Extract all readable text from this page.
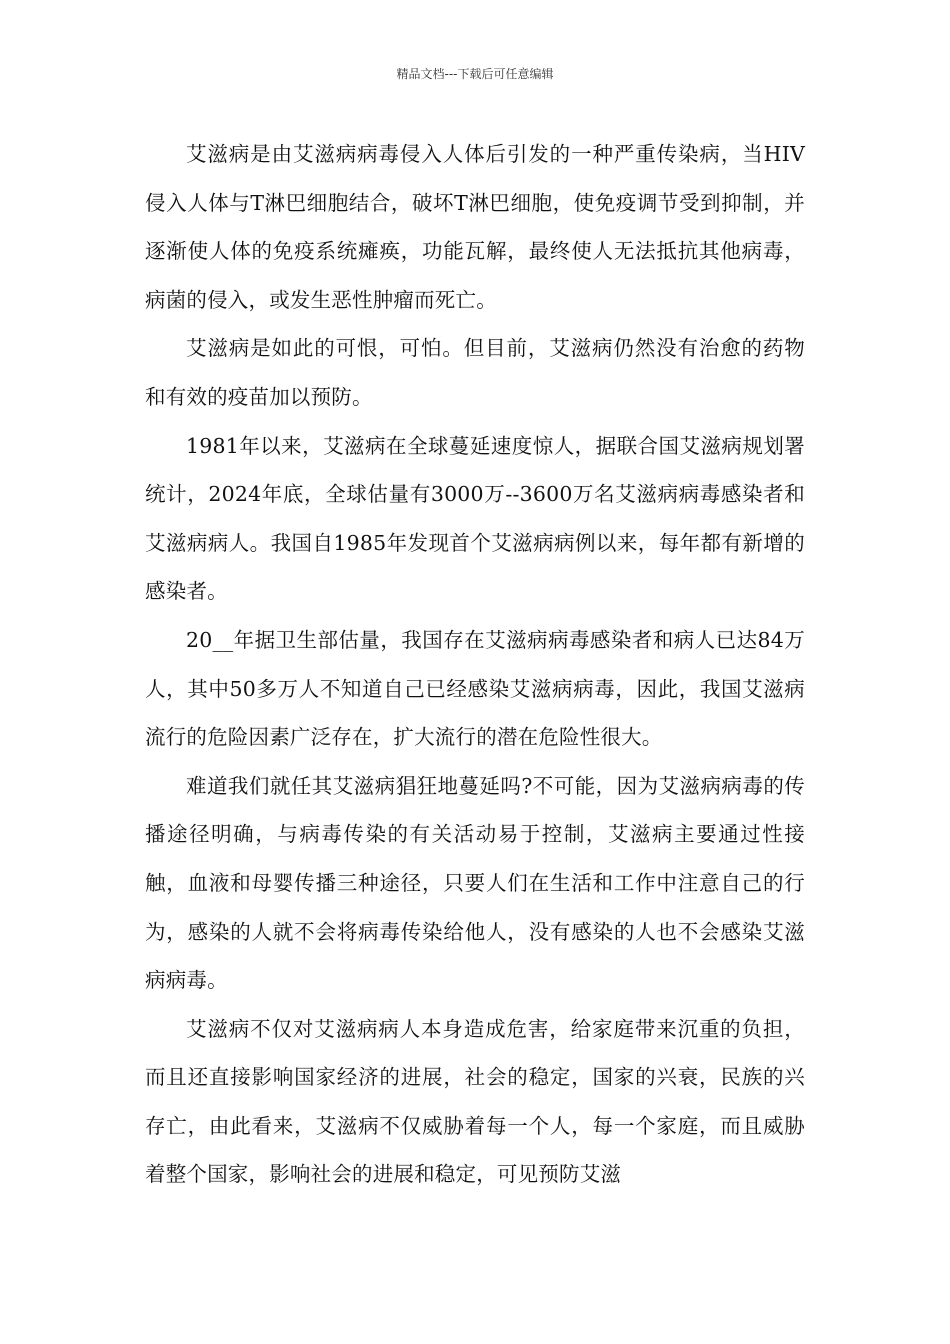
精品文档---下载后可任意编辑

艾滋病是由艾滋病病毒侵入人体后引发的一种严重传染病，当HIV侵入人体与T淋巴细胞结合，破坏T淋巴细胞，使免疫调节受到抑制，并逐渐使人体的免疫系统瘫痪，功能瓦解，最终使人无法抵抗其他病毒，病菌的侵入，或发生恶性肿瘤而死亡。

艾滋病是如此的可恨，可怕。但目前，艾滋病仍然没有治愈的药物和有效的疫苗加以预防。

1981年以来，艾滋病在全球蔓延速度惊人，据联合国艾滋病规划署统计，2024年底，全球估量有3000万--3600万名艾滋病病毒感染者和艾滋病病人。我国自1985年发现首个艾滋病病例以来，每年都有新增的感染者。

20__年据卫生部估量，我国存在艾滋病病毒感染者和病人已达84万人，其中50多万人不知道自己已经感染艾滋病病毒，因此，我国艾滋病流行的危险因素广泛存在，扩大流行的潜在危险性很大。

难道我们就任其艾滋病猖狂地蔓延吗?不可能，因为艾滋病病毒的传播途径明确，与病毒传染的有关活动易于控制，艾滋病主要通过性接触，血液和母婴传播三种途径，只要人们在生活和工作中注意自己的行为，感染的人就不会将病毒传染给他人，没有感染的人也不会感染艾滋病病毒。

艾滋病不仅对艾滋病病人本身造成危害，给家庭带来沉重的负担，而且还直接影响国家经济的进展，社会的稳定，国家的兴衰，民族的兴存亡，由此看来，艾滋病不仅威胁着每一个人，每一个家庭，而且威胁着整个国家，影响社会的进展和稳定，可见预防艾滋
